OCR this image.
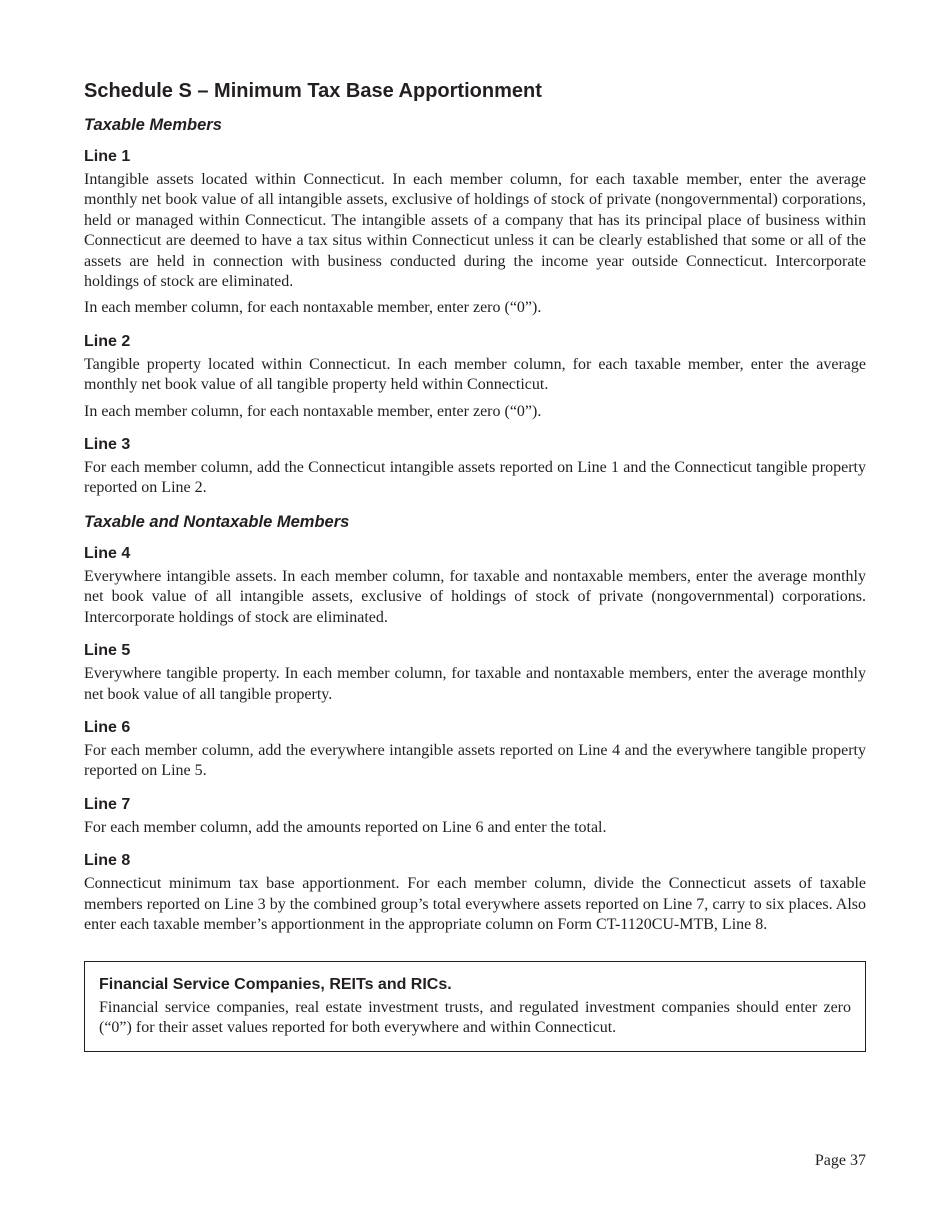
Schedule S – Minimum Tax Base Apportionment
Taxable Members
Line 1
Intangible assets located within Connecticut. In each member column, for each taxable member, enter the average monthly net book value of all intangible assets, exclusive of holdings of stock of private (nongovernmental) corporations, held or managed within Connecticut. The intangible assets of a company that has its principal place of business within Connecticut are deemed to have a tax situs within Connecticut unless it can be clearly established that some or all of the assets are held in connection with business conducted during the income year outside Connecticut. Intercorporate holdings of stock are eliminated.
In each member column, for each nontaxable member, enter zero (“0”).
Line 2
Tangible property located within Connecticut. In each member column, for each taxable member, enter the average monthly net book value of all tangible property held within Connecticut.
In each member column, for each nontaxable member, enter zero (“0”).
Line 3
For each member column, add the Connecticut intangible assets reported on Line 1 and the Connecticut tangible property reported on Line 2.
Taxable and Nontaxable Members
Line 4
Everywhere intangible assets. In each member column, for taxable and nontaxable members, enter the average monthly net book value of all intangible assets, exclusive of holdings of stock of private (nongovernmental) corporations. Intercorporate holdings of stock are eliminated.
Line 5
Everywhere tangible property. In each member column, for taxable and nontaxable members, enter the average monthly net book value of all tangible property.
Line 6
For each member column, add the everywhere intangible assets reported on Line 4 and the everywhere tangible property reported on Line 5.
Line 7
For each member column, add the amounts reported on Line 6 and enter the total.
Line 8
Connecticut minimum tax base apportionment. For each member column, divide the Connecticut assets of taxable members reported on Line 3 by the combined group’s total everywhere assets reported on Line 7, carry to six places. Also enter each taxable member’s apportionment in the appropriate column on Form CT-1120CU-MTB, Line 8.
Financial Service Companies, REITs and RICs.
Financial service companies, real estate investment trusts, and regulated investment companies should enter zero (“0”) for their asset values reported for both everywhere and within Connecticut.
Page 37
